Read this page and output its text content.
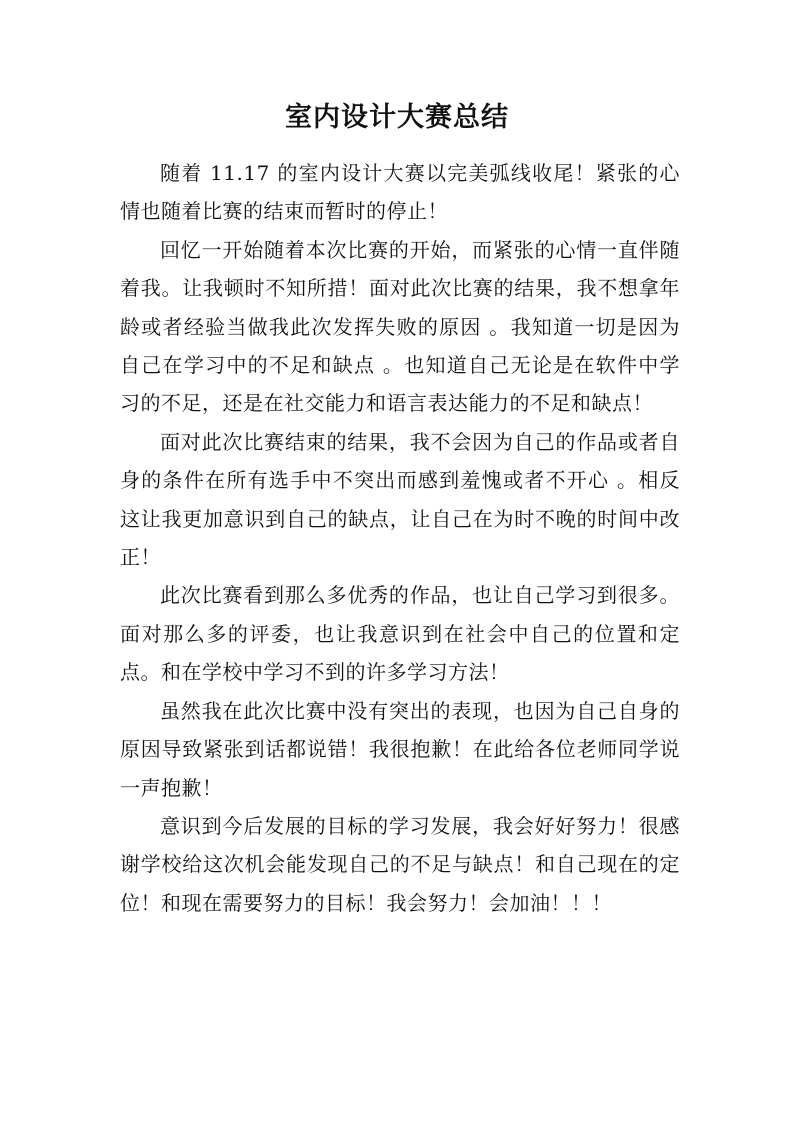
室内设计大赛总结

随着 11.17 的室内设计大赛以完美弧线收尾！紧张的心情也随着比赛的结束而暂时的停止！

回忆一开始随着本次比赛的开始，而紧张的心情一直伴随着我。让我顿时不知所措！面对此次比赛的结果，我不想拿年龄或者经验当做我此次发挥失败的原因 。我知道一切是因为自己在学习中的不足和缺点 。也知道自己无论是在软件中学习的不足，还是在社交能力和语言表达能力的不足和缺点！

面对此次比赛结束的结果，我不会因为自己的作品或者自身的条件在所有选手中不突出而感到羞愧或者不开心 。相反这让我更加意识到自己的缺点，让自己在为时不晚的时间中改正！

此次比赛看到那么多优秀的作品，也让自己学习到很多。面对那么多的评委，也让我意识到在社会中自己的位置和定点。和在学校中学习不到的许多学习方法！

虽然我在此次比赛中没有突出的表现，也因为自己自身的原因导致紧张到话都说错！我很抱歉！在此给各位老师同学说一声抱歉！

意识到今后发展的目标的学习发展，我会好好努力！很感谢学校给这次机会能发现自己的不足与缺点！和自己现在的定位！和现在需要努力的目标！我会努力！会加油！！！
